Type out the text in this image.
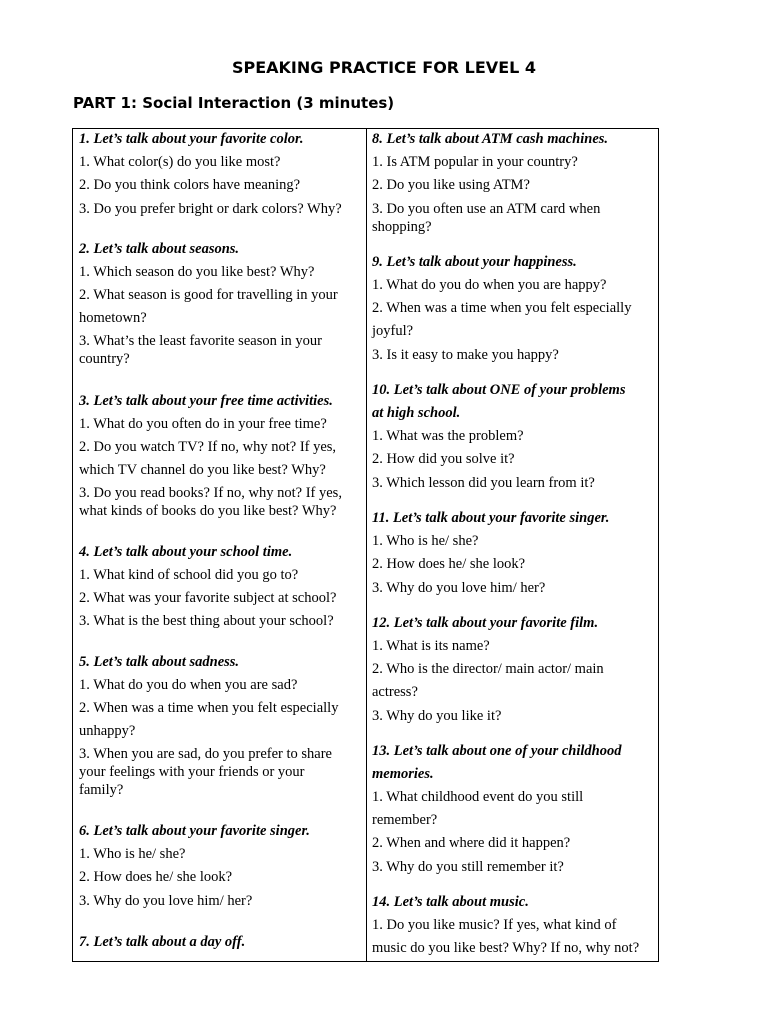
SPEAKING PRACTICE FOR LEVEL 4
PART 1: Social Interaction (3 minutes)
1. Let’s talk about your favorite color.
1. What color(s) do you like most?
2. Do you think colors have meaning?
3. Do you prefer bright or dark colors? Why?
2. Let’s talk about seasons.
1. Which season do you like best? Why?
2. What season is good for travelling in your
hometown?
3. What’s the least favorite season in your
country?
3. Let’s talk about your free time activities.
1. What do you often do in your free time?
2. Do you watch TV? If no, why not? If yes,
which TV channel do you like best? Why?
3. Do you read books? If no, why not? If yes,
what kinds of books do you like best? Why?
4. Let’s talk about your school time.
1. What kind of school did you go to?
2. What was your favorite subject at school?
3. What is the best thing about your school?
5. Let’s talk about sadness.
1. What do you do when you are sad?
2. When was a time when you felt especially
unhappy?
3. When you are sad, do you prefer to share
your feelings with your friends or your
family?
6. Let’s talk about your favorite singer.
1. Who is he/ she?
2. How does he/ she look?
3. Why do you love him/ her?
7. Let’s talk about a day off.
8. Let’s talk about ATM cash machines.
1. Is ATM popular in your country?
2. Do you like using ATM?
3. Do you often use an ATM card when
shopping?
9. Let’s talk about your happiness.
1. What do you do when you are happy?
2. When was a time when you felt especially
joyful?
3. Is it easy to make you happy?
10. Let’s talk about ONE of your problems
at high school.
1. What was the problem?
2. How did you solve it?
3. Which lesson did you learn from it?
11. Let’s talk about your favorite singer.
1. Who is he/ she?
2. How does he/ she look?
3. Why do you love him/ her?
12. Let’s talk about your favorite film.
1. What is its name?
2. Who is the director/ main actor/ main
actress?
3. Why do you like it?
13. Let’s talk about one of your childhood
memories.
1. What childhood event do you still
remember?
2. When and where did it happen?
3. Why do you still remember it?
14. Let’s talk about music.
1. Do you like music? If yes, what kind of
music do you like best? Why? If no, why not?
